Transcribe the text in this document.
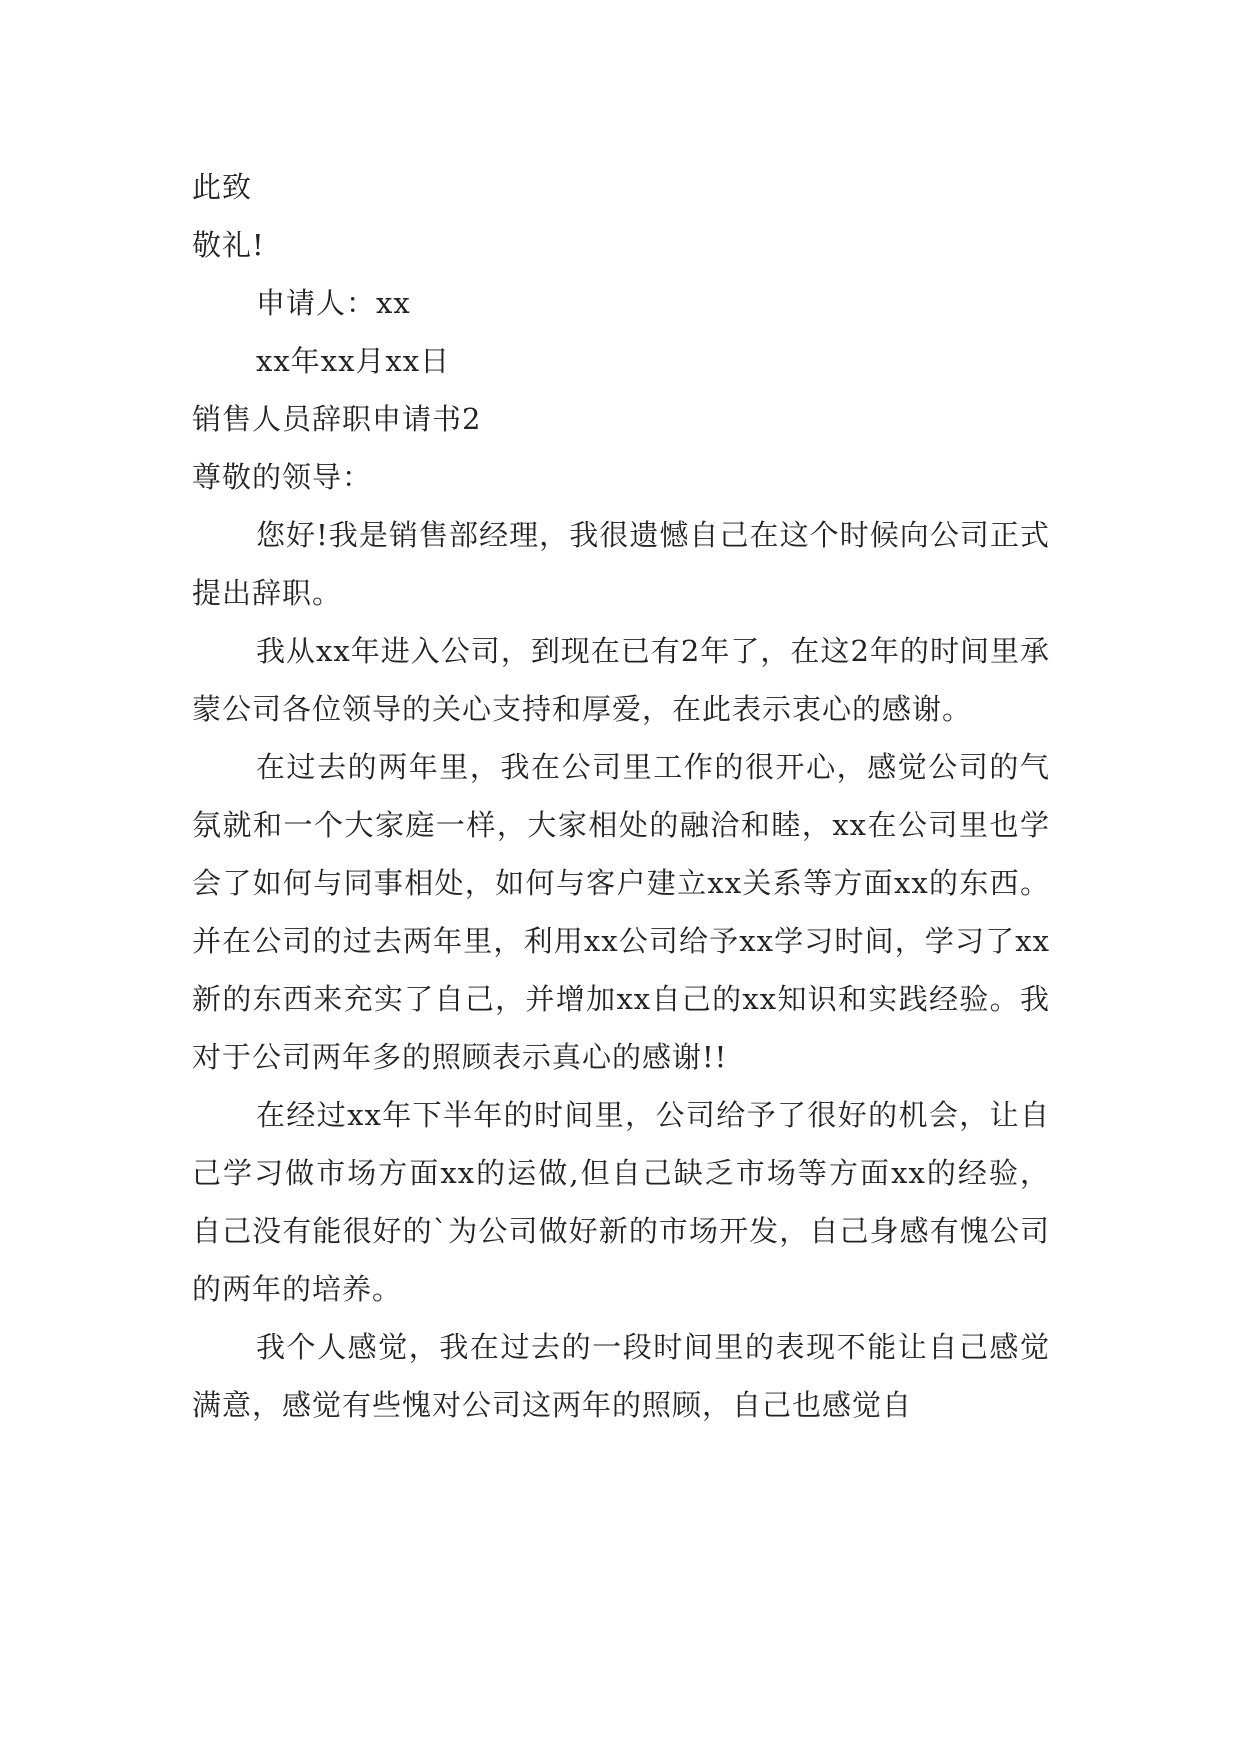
此致
敬礼!
申请人：xx
xx年xx月xx日
销售人员辞职申请书2
尊敬的领导：

您好!我是销售部经理，我很遗憾自己在这个时候向公司正式提出辞职。

我从xx年进入公司，到现在已有2年了，在这2年的时间里承蒙公司各位领导的关心支持和厚爱，在此表示衷心的感谢。

在过去的两年里，我在公司里工作的很开心，感觉公司的气氛就和一个大家庭一样，大家相处的融洽和睦，xx在公司里也学会了如何与同事相处，如何与客户建立xx关系等方面xx的东西。并在公司的过去两年里，利用xx公司给予xx学习时间，学习了xx新的东西来充实了自己，并增加xx自己的xx知识和实践经验。我对于公司两年多的照顾表示真心的感谢!!

在经过xx年下半年的时间里，公司给予了很好的机会，让自己学习做市场方面xx的运做,但自己缺乏市场等方面xx的经验，自己没有能很好的`为公司做好新的市场开发，自己身感有愧公司的两年的培养。

我个人感觉，我在过去的一段时间里的表现不能让自己感觉满意，感觉有些愧对公司这两年的照顾，自己也感觉自
